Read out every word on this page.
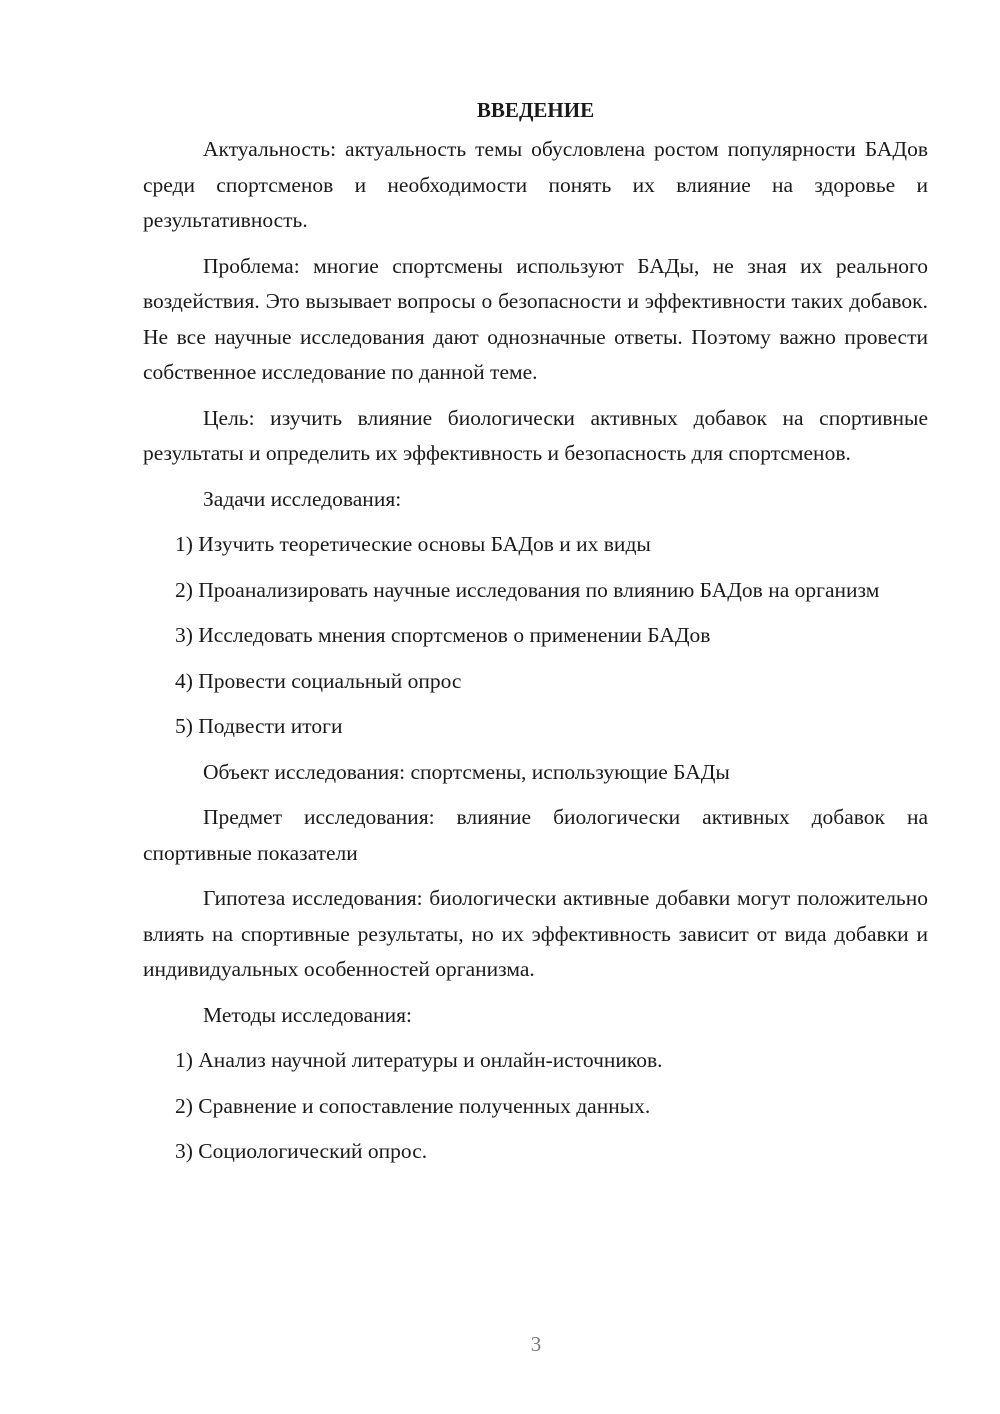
ВВЕДЕНИЕ

Актуальность: актуальность темы обусловлена ростом популярности БАДов среди спортсменов и необходимости понять их влияние на здоровье и результативность.

Проблема: многие спортсмены используют БАДы, не зная их реального воздействия. Это вызывает вопросы о безопасности и эффективности таких добавок. Не все научные исследования дают однозначные ответы. Поэтому важно провести собственное исследование по данной теме.

Цель: изучить влияние биологически активных добавок на спортивные результаты и определить их эффективность и безопасность для спортсменов.

Задачи исследования:

1) Изучить теоретические основы БАДов и их виды

2) Проанализировать научные исследования по влиянию БАДов на организм

3) Исследовать мнения спортсменов о применении БАДов

4) Провести социальный опрос

5) Подвести итоги

Объект исследования: спортсмены, использующие БАДы

Предмет исследования: влияние биологически активных добавок на спортивные показатели

Гипотеза исследования: биологически активные добавки могут положительно влиять на спортивные результаты, но их эффективность зависит от вида добавки и индивидуальных особенностей организма.

Методы исследования:

1) Анализ научной литературы и онлайн-источников.

2) Сравнение и сопоставление полученных данных.

3) Социологический опрос.

3
